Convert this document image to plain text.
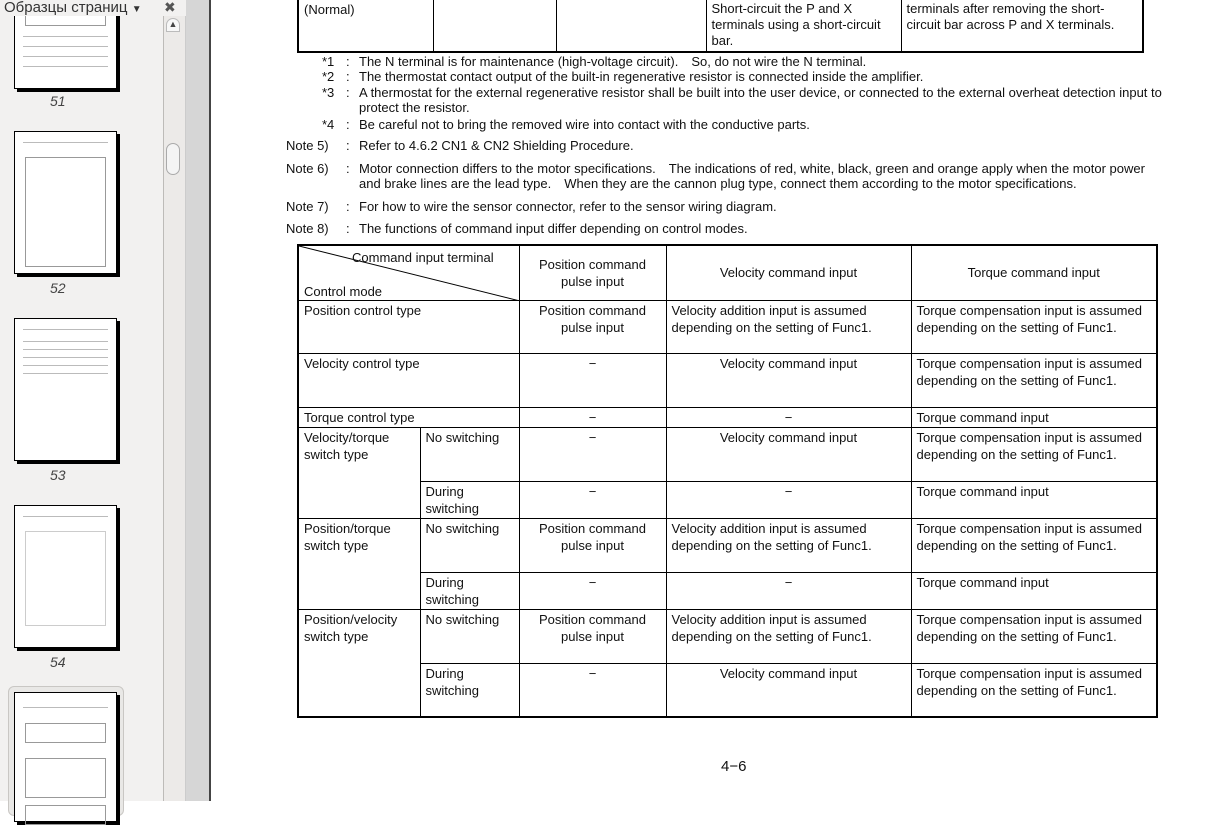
51
52
53
54
Образцы страниц ▼	✖
▲
(Normal)			Short-circuit the P and X terminals using a short-circuit bar.	terminals after removing the short-circuit bar across P and X terminals.
*1 : The N terminal is for maintenance (high-voltage circuit).　So, do not wire the N terminal.
*2 : The thermostat contact output of the built-in regenerative resistor is connected inside the amplifier.
*3 : A thermostat for the external regenerative resistor shall be built into the user device, or connected to the external overheat detection input to protect the resistor.
*4 : Be careful not to bring the removed wire into contact with the conductive parts.
Note 5) : Refer to 4.6.2 CN1 & CN2 Shielding Procedure.
Note 6) : Motor connection differs to the motor specifications.　The indications of red, white, black, green and orange apply when the motor power and brake lines are the lead type.　When they are the cannon plug type, connect them according to the motor specifications.
Note 7) : For how to wire the sensor connector, refer to the sensor wiring diagram.
Note 8) : The functions of command input differ depending on control modes.
Command input terminal
Control mode		Position command pulse input	Velocity command input	Torque command input
Position control type		Position command pulse input	Velocity addition input is assumed depending on the setting of Func1.	Torque compensation input is assumed depending on the setting of Func1.
Velocity control type		−	Velocity command input	Torque compensation input is assumed depending on the setting of Func1.
Torque control type		−	−	Torque command input
Velocity/torque switch type	No switching	−	Velocity command input	Torque compensation input is assumed depending on the setting of Func1.
	During switching	−	−	Torque command input
Position/torque switch type	No switching	Position command pulse input	Velocity addition input is assumed depending on the setting of Func1.	Torque compensation input is assumed depending on the setting of Func1.
	During switching	−	−	Torque command input
Position/velocity switch type	No switching	Position command pulse input	Velocity addition input is assumed depending on the setting of Func1.	Torque compensation input is assumed depending on the setting of Func1.
	During switching	−	Velocity command input	Torque compensation input is assumed depending on the setting of Func1.
4−6
